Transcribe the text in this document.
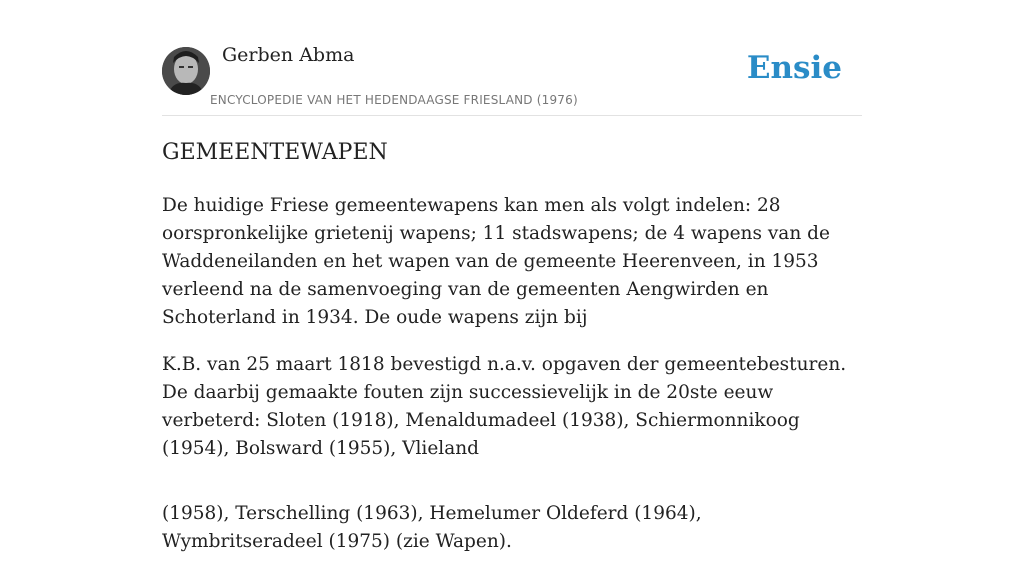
Gerben Abma
ENCYCLOPEDIE VAN HET HEDENDAAGSE FRIESLAND (1976)
Ensie
GEMEENTEWAPEN

De huidige Friese gemeentewapens kan men als volgt indelen: 28 oorspronkelijke grietenij wapens; 11 stadswapens; de 4 wapens van de Waddeneilanden en het wapen van de gemeente Heerenveen, in 1953 verleend na de samenvoeging van de gemeenten Aengwirden en Schoterland in 1934. De oude wapens zijn bij

K.B. van 25 maart 1818 bevestigd n.a.v. opgaven der gemeentebesturen. De daarbij gemaakte fouten zijn successievelijk in de 20ste eeuw verbeterd: Sloten (1918), Menaldumadeel (1938), Schiermonnikoog (1954), Bolsward (1955), Vlieland

(1958), Terschelling (1963), Hemelumer Oldeferd (1964), Wymbritseradeel (1975) (zie Wapen).
